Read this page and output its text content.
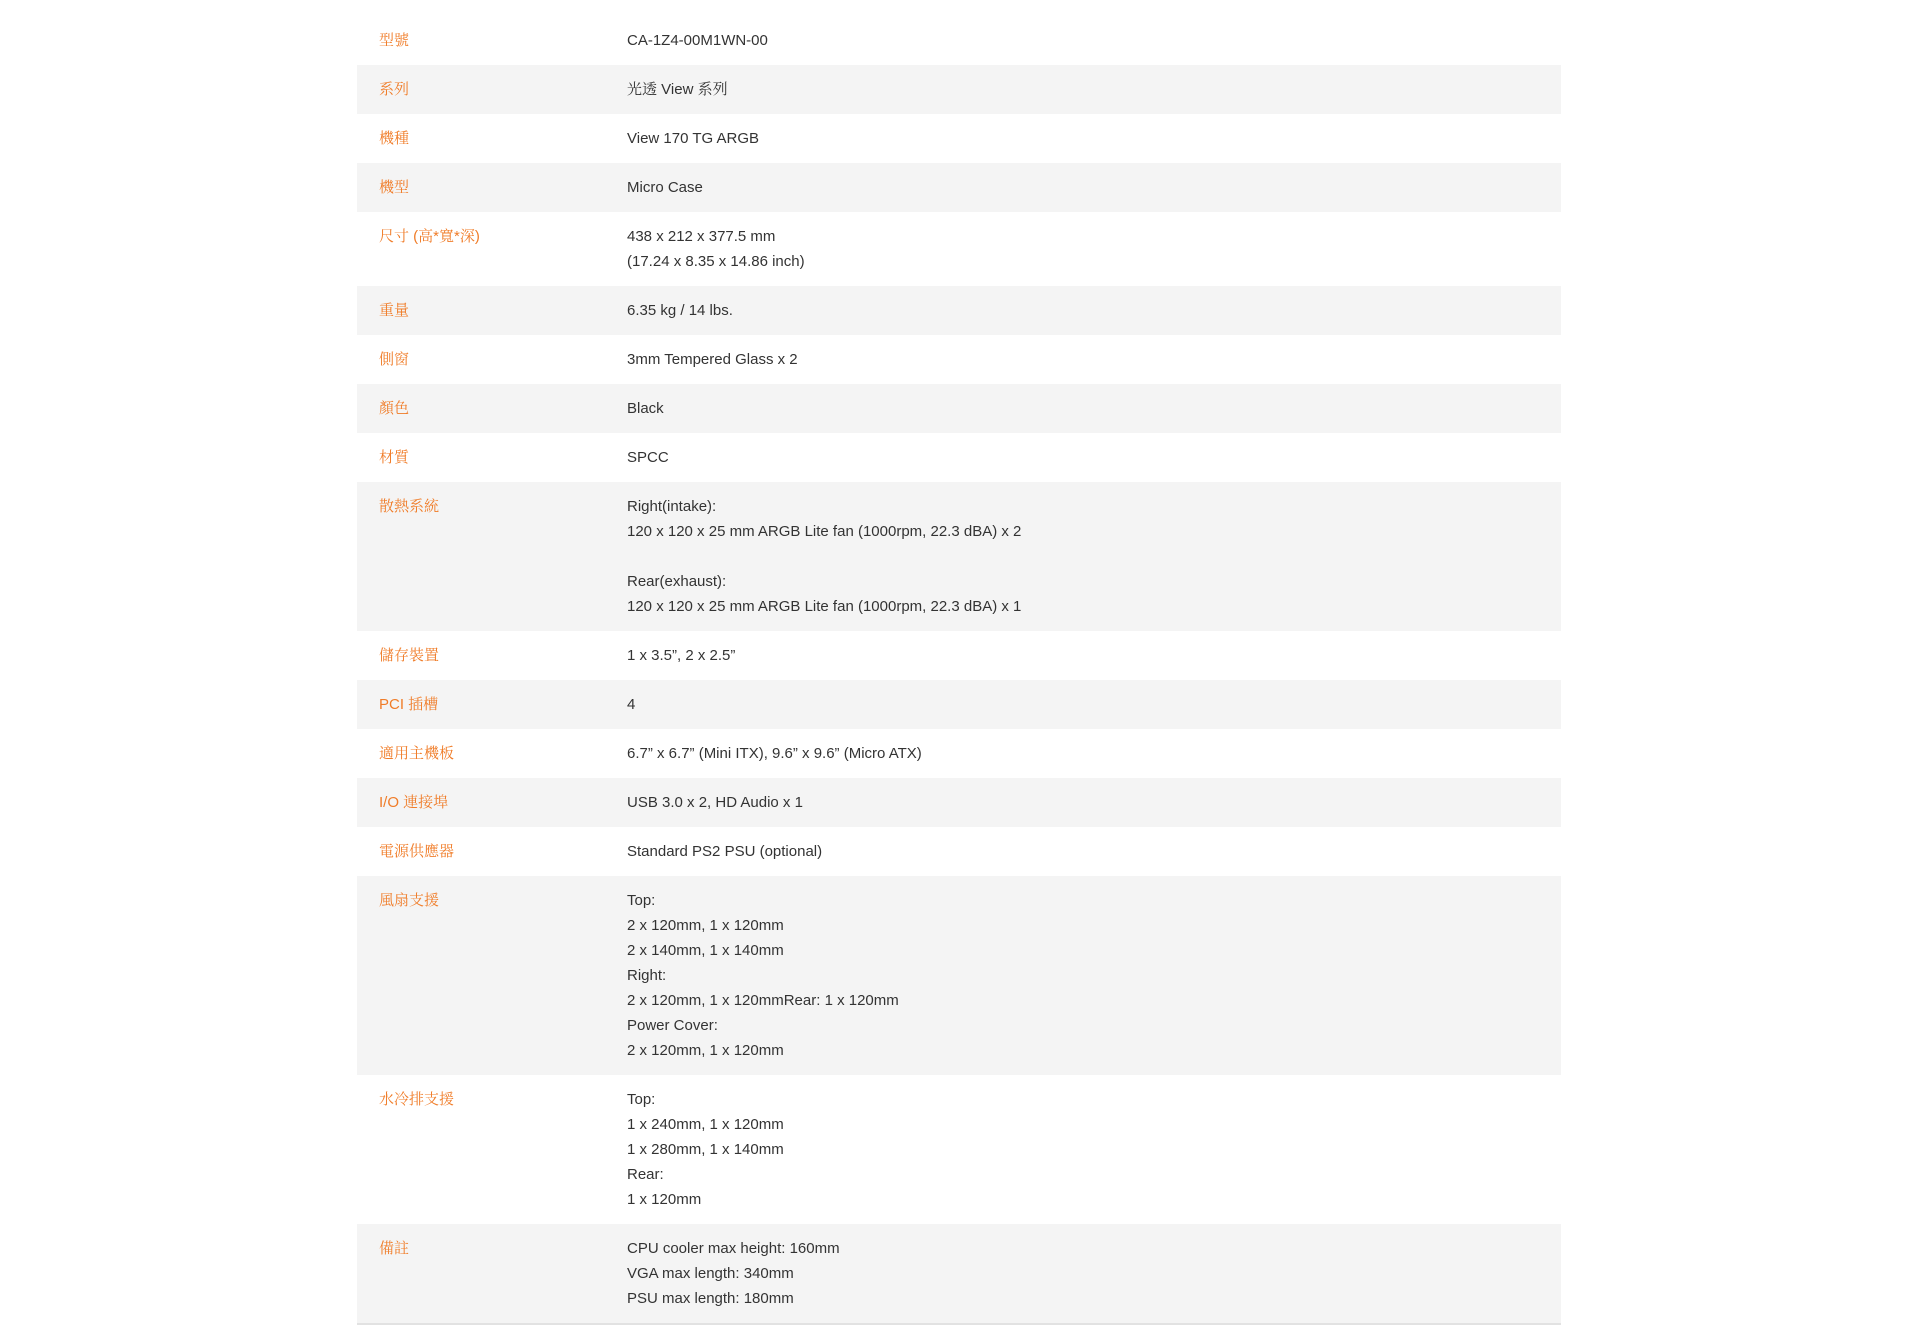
型號	CA-1Z4-00M1WN-00
系列	光透 View 系列
機種	View 170 TG ARGB
機型	Micro Case
尺寸 (高*寬*深)	438 x 212 x 377.5 mm
(17.24 x 8.35 x 14.86 inch)
重量	6.35 kg / 14 lbs.
側窗	3mm Tempered Glass x 2
顏色	Black
材質	SPCC
散熱系統	Right(intake):
120 x 120 x 25 mm ARGB Lite fan (1000rpm, 22.3 dBA) x 2

Rear(exhaust):
120 x 120 x 25 mm ARGB Lite fan (1000rpm, 22.3 dBA) x 1
儲存裝置	1 x 3.5”, 2 x 2.5”
PCI 插槽	4
適用主機板	6.7” x 6.7” (Mini ITX), 9.6” x 9.6” (Micro ATX)
I/O 連接埠	USB 3.0 x 2, HD Audio x 1
電源供應器	Standard PS2 PSU (optional)
風扇支援	Top:
2 x 120mm, 1 x 120mm
2 x 140mm, 1 x 140mm
Right:
2 x 120mm, 1 x 120mmRear: 1 x 120mm
Power Cover:
2 x 120mm, 1 x 120mm
水冷排支援	Top:
1 x 240mm, 1 x 120mm
1 x 280mm, 1 x 140mm
Rear:
1 x 120mm
備註	CPU cooler max height: 160mm
VGA max length: 340mm
PSU max length: 180mm
